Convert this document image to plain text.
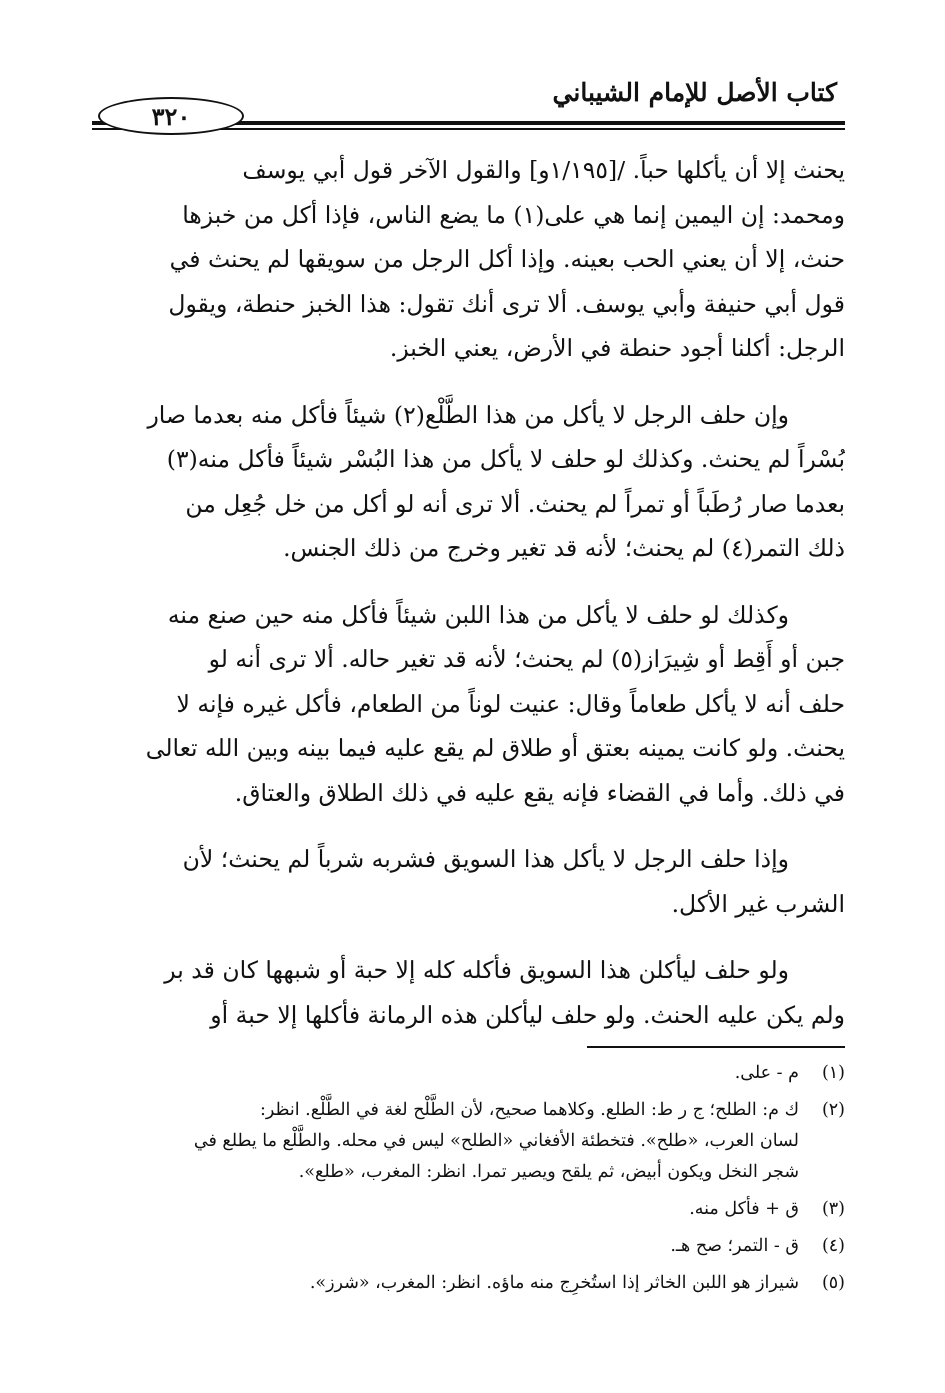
كتاب الأصل للإمام الشيباني
٣٢٠
يحنث إلا أن يأكلها حباً. /[١/١٩٥و] والقول الآخر قول أبي يوسف
ومحمد: إن اليمين إنما هي على(١) ما يضع الناس، فإذا أكل من خبزها
حنث، إلا أن يعني الحب بعينه. وإذا أكل الرجل من سويقها لم يحنث في
قول أبي حنيفة وأبي يوسف. ألا ترى أنك تقول: هذا الخبز حنطة، ويقول
الرجل: أكلنا أجود حنطة في الأرض، يعني الخبز.
وإن حلف الرجل لا يأكل من هذا الطَّلْع(٢) شيئاً فأكل منه بعدما صار
بُسْراً لم يحنث. وكذلك لو حلف لا يأكل من هذا البُسْر شيئاً فأكل منه(٣)
بعدما صار رُطَباً أو تمراً لم يحنث. ألا ترى أنه لو أكل من خل جُعِل من
ذلك التمر(٤) لم يحنث؛ لأنه قد تغير وخرج من ذلك الجنس.
وكذلك لو حلف لا يأكل من هذا اللبن شيئاً فأكل منه حين صنع منه
جبن أو أَقِط أو شِيرَاز(٥) لم يحنث؛ لأنه قد تغير حاله. ألا ترى أنه لو
حلف أنه لا يأكل طعاماً وقال: عنيت لوناً من الطعام، فأكل غيره فإنه لا
يحنث. ولو كانت يمينه بعتق أو طلاق لم يقع عليه فيما بينه وبين الله تعالى
في ذلك. وأما في القضاء فإنه يقع عليه في ذلك الطلاق والعتاق.
وإذا حلف الرجل لا يأكل هذا السويق فشربه شرباً لم يحنث؛ لأن
الشرب غير الأكل.
ولو حلف ليأكلن هذا السويق فأكله كله إلا حبة أو شبهها كان قد بر
ولم يكن عليه الحنث. ولو حلف ليأكلن هذه الرمانة فأكلها إلا حبة أو
(١)
م - على.
(٢)
ك م: الطلح؛ ج ر ط: الطلع. وكلاهما صحيح، لأن الطَّلْح لغة في الطَّلْع. انظر:
لسان العرب، «طلح». فتخطئة الأفغاني «الطلح» ليس في محله. والطَّلْع ما يطلع في
شجر النخل ويكون أبيض، ثم يلقح ويصير تمرا. انظر: المغرب، «طلع».
(٣)
ق + فأكل منه.
(٤)
ق - التمر؛ صح هـ.
(٥)
شيراز هو اللبن الخاثر إذا استُخرِج منه ماؤه. انظر: المغرب، «شرز».
